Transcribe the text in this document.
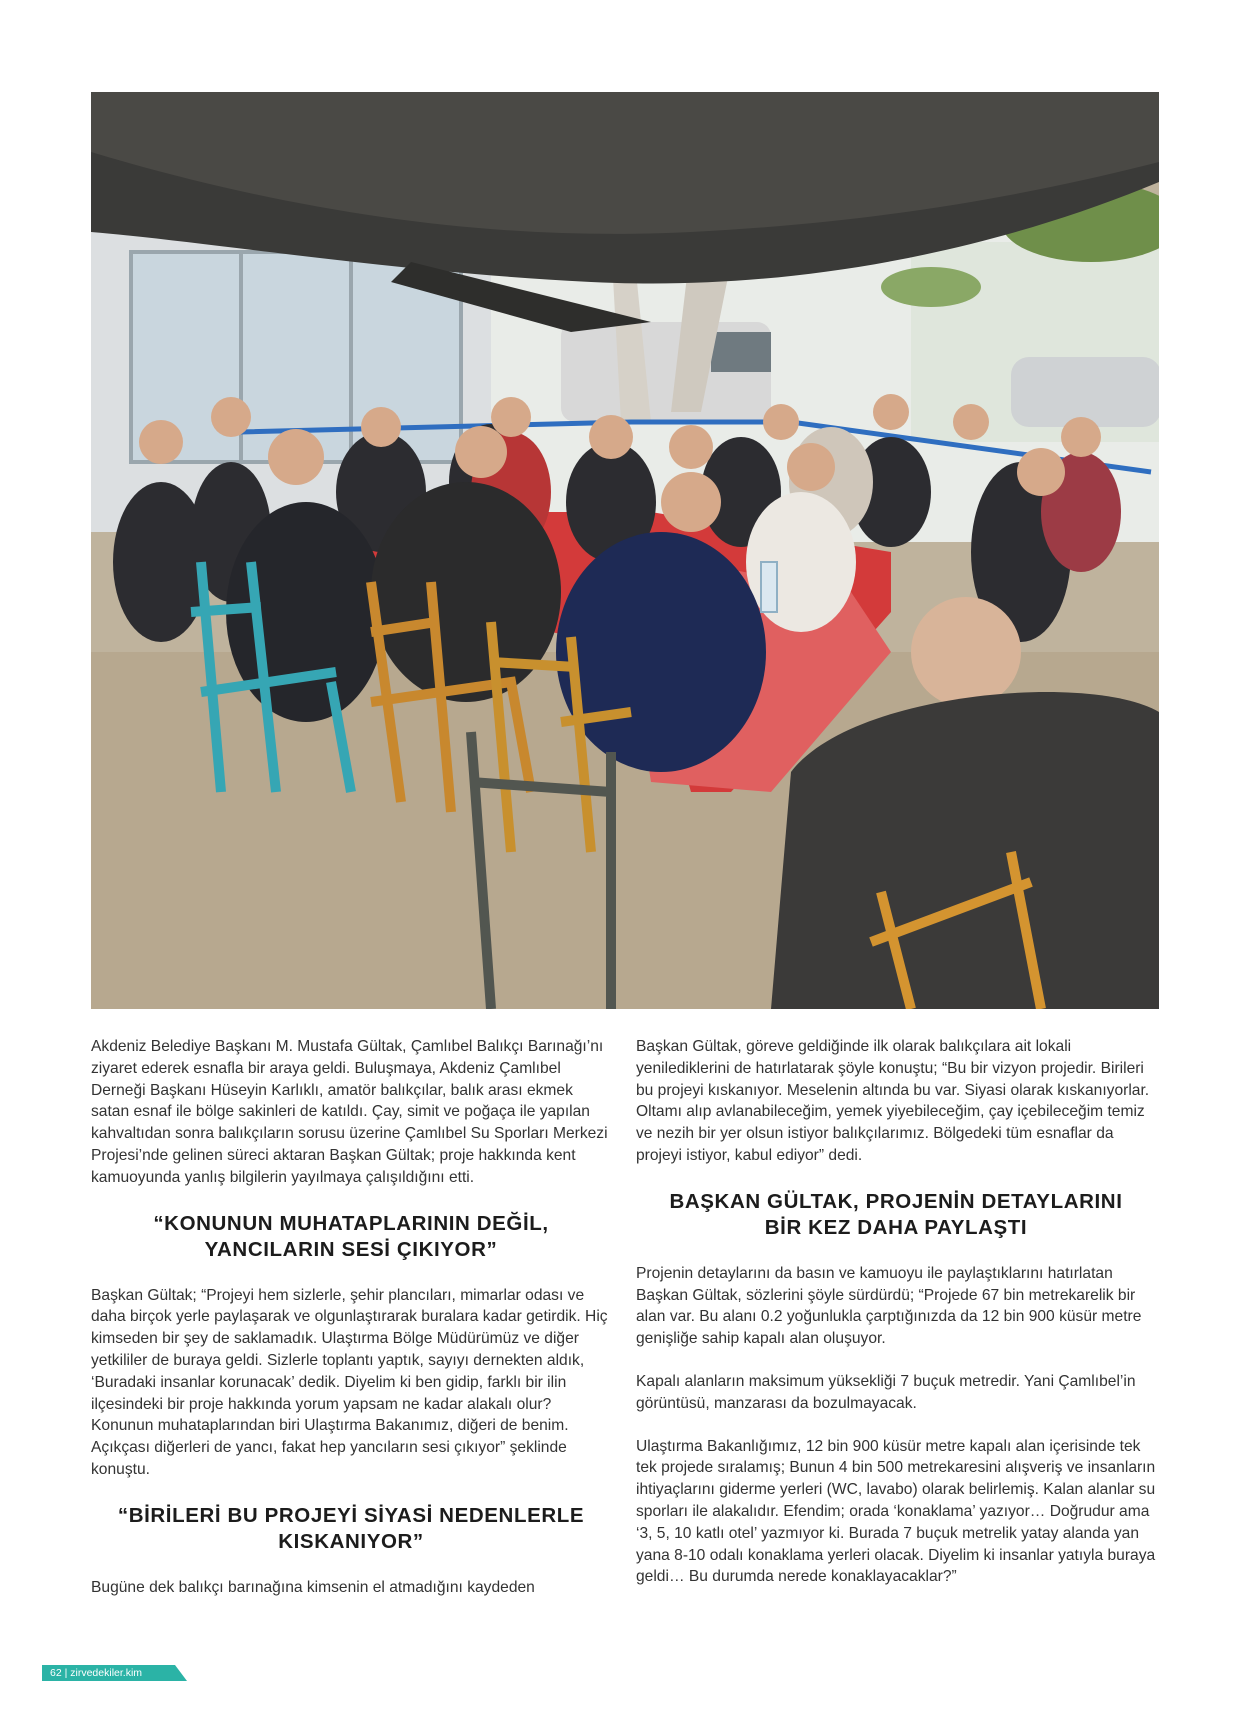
Akdeniz Belediye Başkanı M. Mustafa Gültak, Çamlıbel Balıkçı Barınağı’nı ziyaret ederek esnafla bir araya geldi. Buluşmaya, Akdeniz Çamlıbel Derneği Başkanı Hüseyin Karlıklı, amatör balıkçılar, balık arası ekmek satan esnaf ile bölge sakinleri de katıldı. Çay, simit ve poğaça ile yapılan kahvaltıdan sonra balıkçıların sorusu üzerine Çamlıbel Su Sporları Merkezi Projesi’nde gelinen süreci aktaran Başkan Gültak; proje hakkında kent kamuoyunda yanlış bilgilerin yayılmaya çalışıldığını etti.

“KONUNUN MUHATAPLARININ DEĞİL,
YANCILARIN SESİ ÇIKIYOR”

Başkan Gültak; “Projeyi hem sizlerle, şehir plancıları, mimarlar odası ve daha birçok yerle paylaşarak ve olgunlaştırarak buralara kadar getirdik. Hiç kimseden bir şey de saklamadık. Ulaştırma Bölge Müdürümüz ve diğer yetkililer de buraya geldi. Sizlerle toplantı yaptık, sayıyı dernekten aldık, ‘Buradaki insanlar korunacak’ dedik. Diyelim ki ben gidip, farklı bir ilin ilçesindeki bir proje hakkında yorum yapsam ne kadar alakalı olur? Konunun muhataplarından biri Ulaştırma Bakanımız, diğeri de benim. Açıkçası diğerleri de yancı, fakat hep yancıların sesi çıkıyor” şeklinde konuştu.

“BİRİLERİ BU PROJEYİ SİYASİ NEDENLERLE
KISKANIYOR”

Bugüne dek balıkçı barınağına kimsenin el atmadığını kaydeden

Başkan Gültak, göreve geldiğinde ilk olarak balıkçılara ait lokali yenilediklerini de hatırlatarak şöyle konuştu; “Bu bir vizyon projedir. Birileri bu projeyi kıskanıyor. Meselenin altında bu var. Siyasi olarak kıskanıyorlar. Oltamı alıp avlanabileceğim, yemek yiyebileceğim, çay içebileceğim temiz ve nezih bir yer olsun istiyor balıkçılarımız. Bölgedeki tüm esnaflar da projeyi istiyor, kabul ediyor” dedi.

BAŞKAN GÜLTAK, PROJENİN DETAYLARINI
BİR KEZ DAHA PAYLAŞTI

Projenin detaylarını da basın ve kamuoyu ile paylaştıklarını hatırlatan Başkan Gültak, sözlerini şöyle sürdürdü; “Projede 67 bin metrekarelik bir alan var. Bu alanı 0.2 yoğunlukla çarptığınızda da 12 bin 900 küsür metre genişliğe sahip kapalı alan oluşuyor.

Kapalı alanların maksimum yüksekliği 7 buçuk metredir. Yani Çamlıbel’in görüntüsü, manzarası da bozulmayacak.

Ulaştırma Bakanlığımız, 12 bin 900 küsür metre kapalı alan içerisinde tek tek projede sıralamış; Bunun 4 bin 500 metrekaresini alışveriş ve insanların ihtiyaçlarını giderme yerleri (WC, lavabo) olarak belirlemiş. Kalan alanlar su sporları ile alakalıdır. Efendim; orada ‘konaklama’ yazıyor… Doğrudur ama ‘3, 5, 10 katlı otel’ yazmıyor ki. Burada 7 buçuk metrelik yatay alanda yan yana 8-10 odalı konaklama yerleri olacak. Diyelim ki insanlar yatıyla buraya geldi… Bu durumda nerede konaklayacaklar?”

62 | zirvedekiler.kim
